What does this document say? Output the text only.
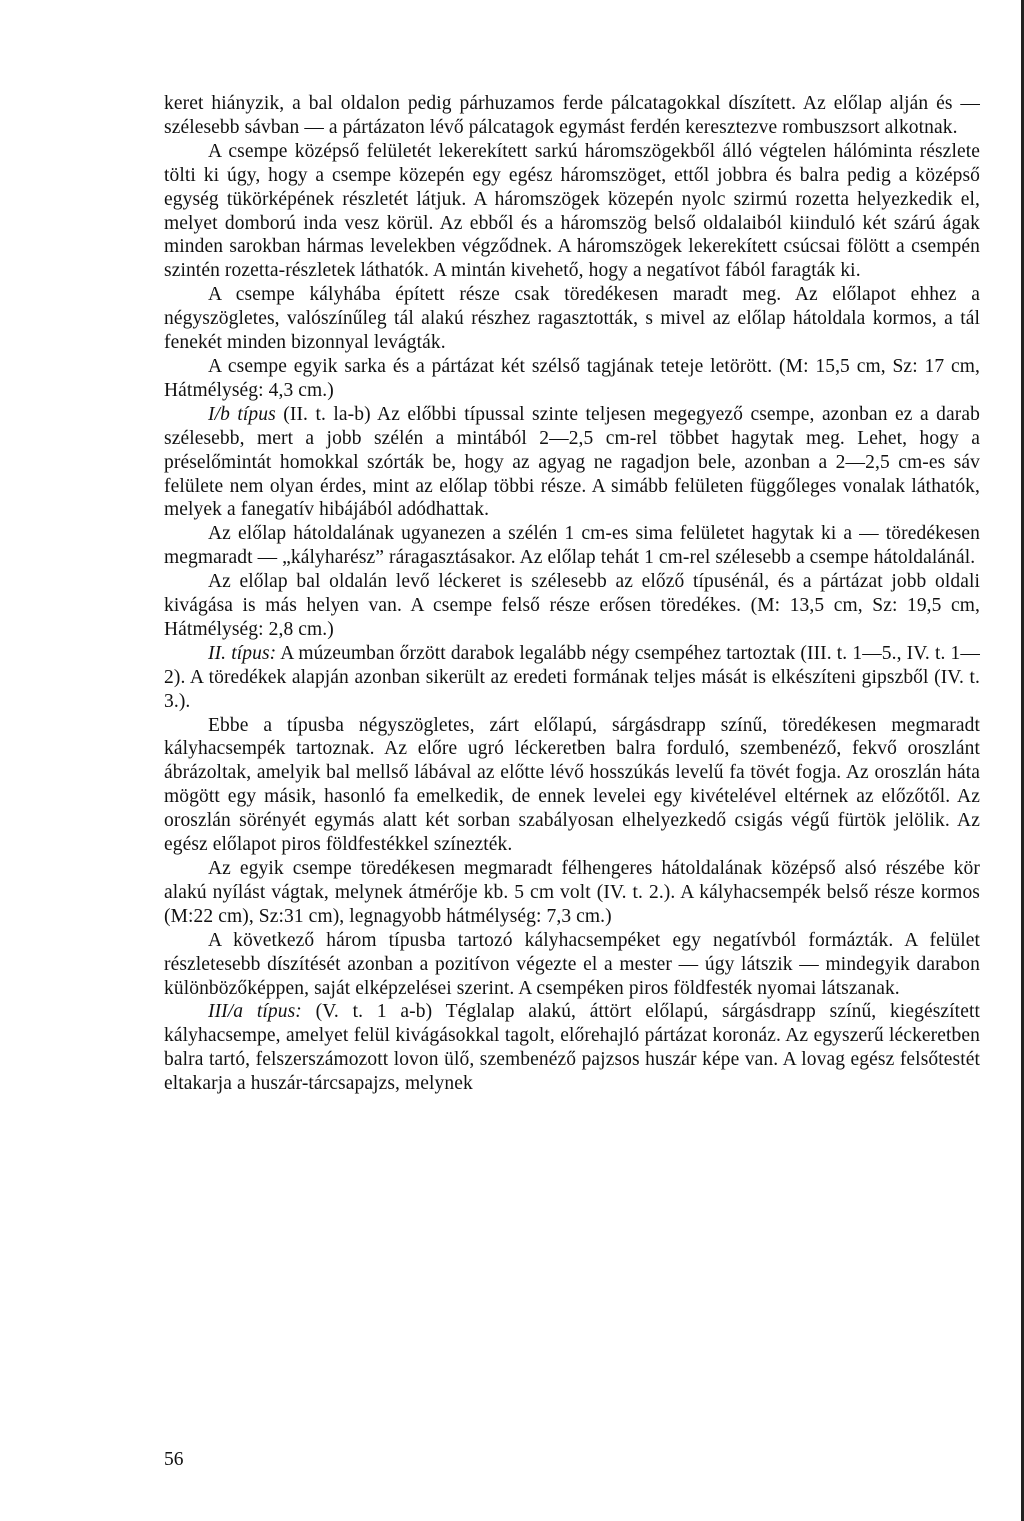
keret hiányzik, a bal oldalon pedig párhuzamos ferde pálcatagokkal díszített. Az előlap alján és — szélesebb sávban — a pártázaton lévő pálcatagok egymást ferdén keresztezve rombuszsort alkotnak.

A csempe középső felületét lekerekített sarkú háromszögekből álló végtelen hálóminta részlete tölti ki úgy, hogy a csempe közepén egy egész háromszöget, ettől jobbra és balra pedig a középső egység tükörképének részletét látjuk. A háromszögek közepén nyolc szirmú rozetta helyezkedik el, melyet domború inda vesz körül. Az ebből és a háromszög belső oldalaiból kiinduló két szárú ágak minden sarokban hármas levelekben végződnek. A háromszögek lekerekített csúcsai fölött a csempén szintén rozetta-részletek láthatók. A mintán kivehető, hogy a negatívot fából faragták ki.

A csempe kályhába épített része csak töredékesen maradt meg. Az előlapot ehhez a négyszögletes, valószínűleg tál alakú részhez ragasztották, s mivel az előlap hátoldala kormos, a tál fenekét minden bizonnyal levágták.

A csempe egyik sarka és a pártázat két szélső tagjának teteje letörött. (M: 15,5 cm, Sz: 17 cm, Hátmélység: 4,3 cm.)

I/b típus (II. t. la-b) Az előbbi típussal szinte teljesen megegyező csempe, azonban ez a darab szélesebb, mert a jobb szélén a mintából 2—2,5 cm-rel többet hagytak meg. Lehet, hogy a préselőmintát homokkal szórták be, hogy az agyag ne ragadjon bele, azonban a 2—2,5 cm-es sáv felülete nem olyan érdes, mint az előlap többi része. A simább felületen függőleges vonalak láthatók, melyek a fanegatív hibájából adódhattak.

Az előlap hátoldalának ugyanezen a szélén 1 cm-es sima felületet hagytak ki a — töredékesen megmaradt — „kályharész” ráragasztásakor. Az előlap tehát 1 cm-rel szélesebb a csempe hátoldalánál.

Az előlap bal oldalán levő léckeret is szélesebb az előző típusénál, és a pártázat jobb oldali kivágása is más helyen van. A csempe felső része erősen töredékes. (M: 13,5 cm, Sz: 19,5 cm, Hátmélység: 2,8 cm.)

II. típus: A múzeumban őrzött darabok legalább négy csempéhez tartoztak (III. t. 1—5., IV. t. 1—2). A töredékek alapján azonban sikerült az eredeti formának teljes mását is elkészíteni gipszből (IV. t. 3.).

Ebbe a típusba négyszögletes, zárt előlapú, sárgásdrapp színű, töredékesen megmaradt kályhacsempék tartoznak. Az előre ugró léckeretben balra forduló, szembenéző, fekvő oroszlánt ábrázoltak, amelyik bal mellső lábával az előtte lévő hosszúkás levelű fa tövét fogja. Az oroszlán háta mögött egy másik, hasonló fa emelkedik, de ennek levelei egy kivételével eltérnek az előzőtől. Az oroszlán sörényét egymás alatt két sorban szabályosan elhelyezkedő csigás végű fürtök jelölik. Az egész előlapot piros földfestékkel színezték.

Az egyik csempe töredékesen megmaradt félhengeres hátoldalának középső alsó részébe kör alakú nyílást vágtak, melynek átmérője kb. 5 cm volt (IV. t. 2.). A kályhacsempék belső része kormos (M:22 cm), Sz:31 cm), legnagyobb hátmélység: 7,3 cm.)

A következő három típusba tartozó kályhacsempéket egy negatívból formázták. A felület részletesebb díszítését azonban a pozitívon végezte el a mester — úgy látszik — mindegyik darabon különbözőképpen, saját elképzelései szerint. A csempéken piros földfesték nyomai látszanak.

III/a típus: (V. t. 1 a-b) Téglalap alakú, áttört előlapú, sárgásdrapp színű, kiegészített kályhacsempe, amelyet felül kivágásokkal tagolt, előrehajló pártázat koronáz. Az egyszerű léckeretben balra tartó, felszerszámozott lovon ülő, szembenéző pajzsos huszár képe van. A lovag egész felsőtestét eltakarja a huszár-tárcsapajzs, melynek

56
